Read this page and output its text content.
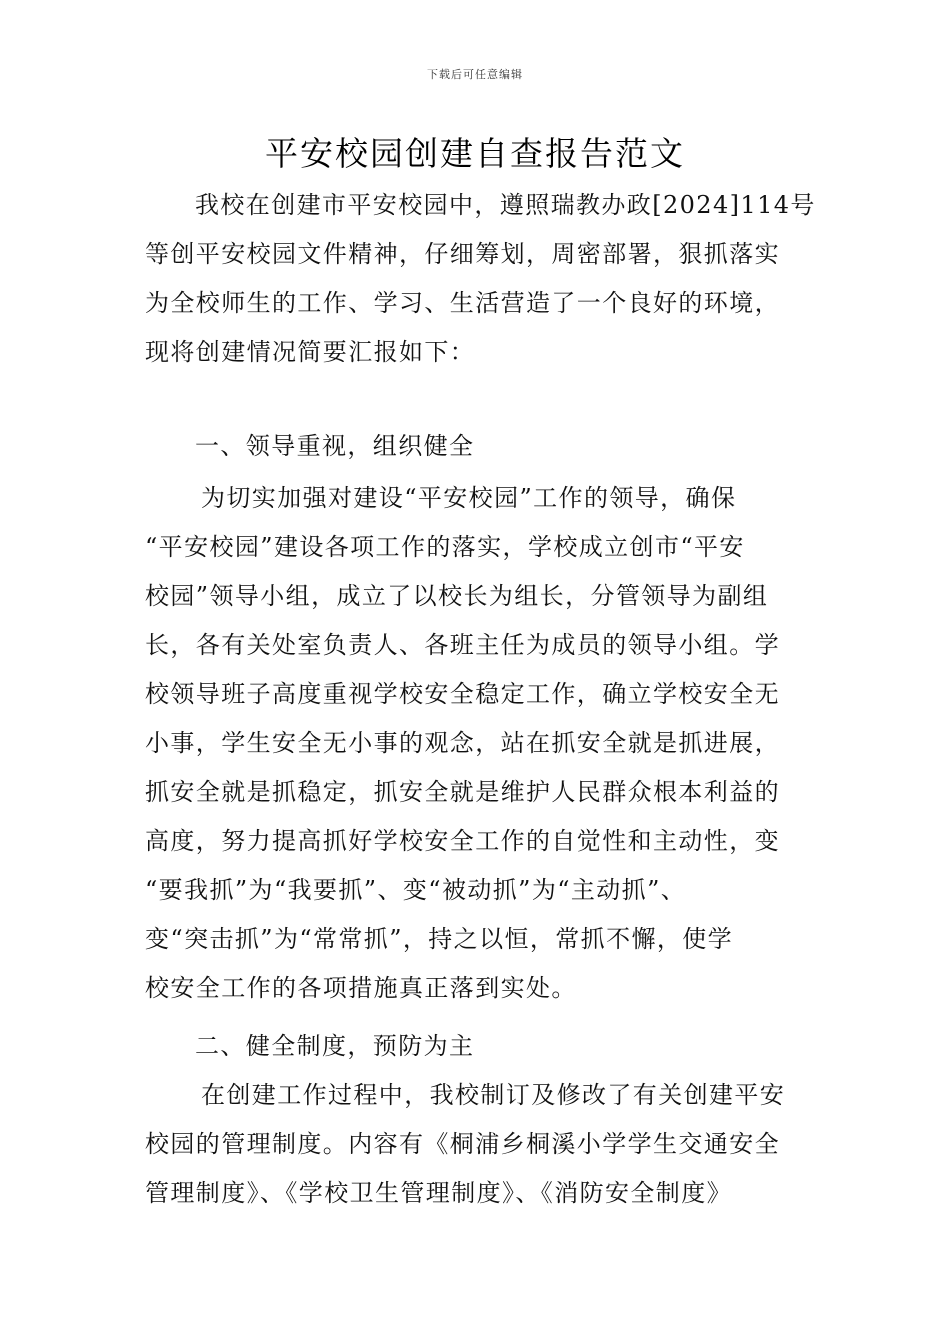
下载后可任意编辑
平安校园创建自查报告范文
我校在创建市平安校园中，遵照瑞教办政[2024]114号
等创平安校园文件精神，仔细筹划，周密部署，狠抓落实
为全校师生的工作、学习、生活营造了一个良好的环境，
现将创建情况简要汇报如下：
一、领导重视，组织健全
为切实加强对建设“平安校园”工作的领导，确保
“平安校园”建设各项工作的落实，学校成立创市“平安
校园”领导小组，成立了以校长为组长，分管领导为副组
长，各有关处室负责人、各班主任为成员的领导小组。学
校领导班子高度重视学校安全稳定工作，确立学校安全无
小事，学生安全无小事的观念，站在抓安全就是抓进展，
抓安全就是抓稳定，抓安全就是维护人民群众根本利益的
高度，努力提高抓好学校安全工作的自觉性和主动性，变
“要我抓”为“我要抓”、变“被动抓”为“主动抓”、
变“突击抓”为“常常抓”，持之以恒，常抓不懈，使学
校安全工作的各项措施真正落到实处。
二、健全制度，预防为主
在创建工作过程中，我校制订及修改了有关创建平安
校园的管理制度。内容有《桐浦乡桐溪小学学生交通安全
管理制度》、《学校卫生管理制度》、《消防安全制度》
